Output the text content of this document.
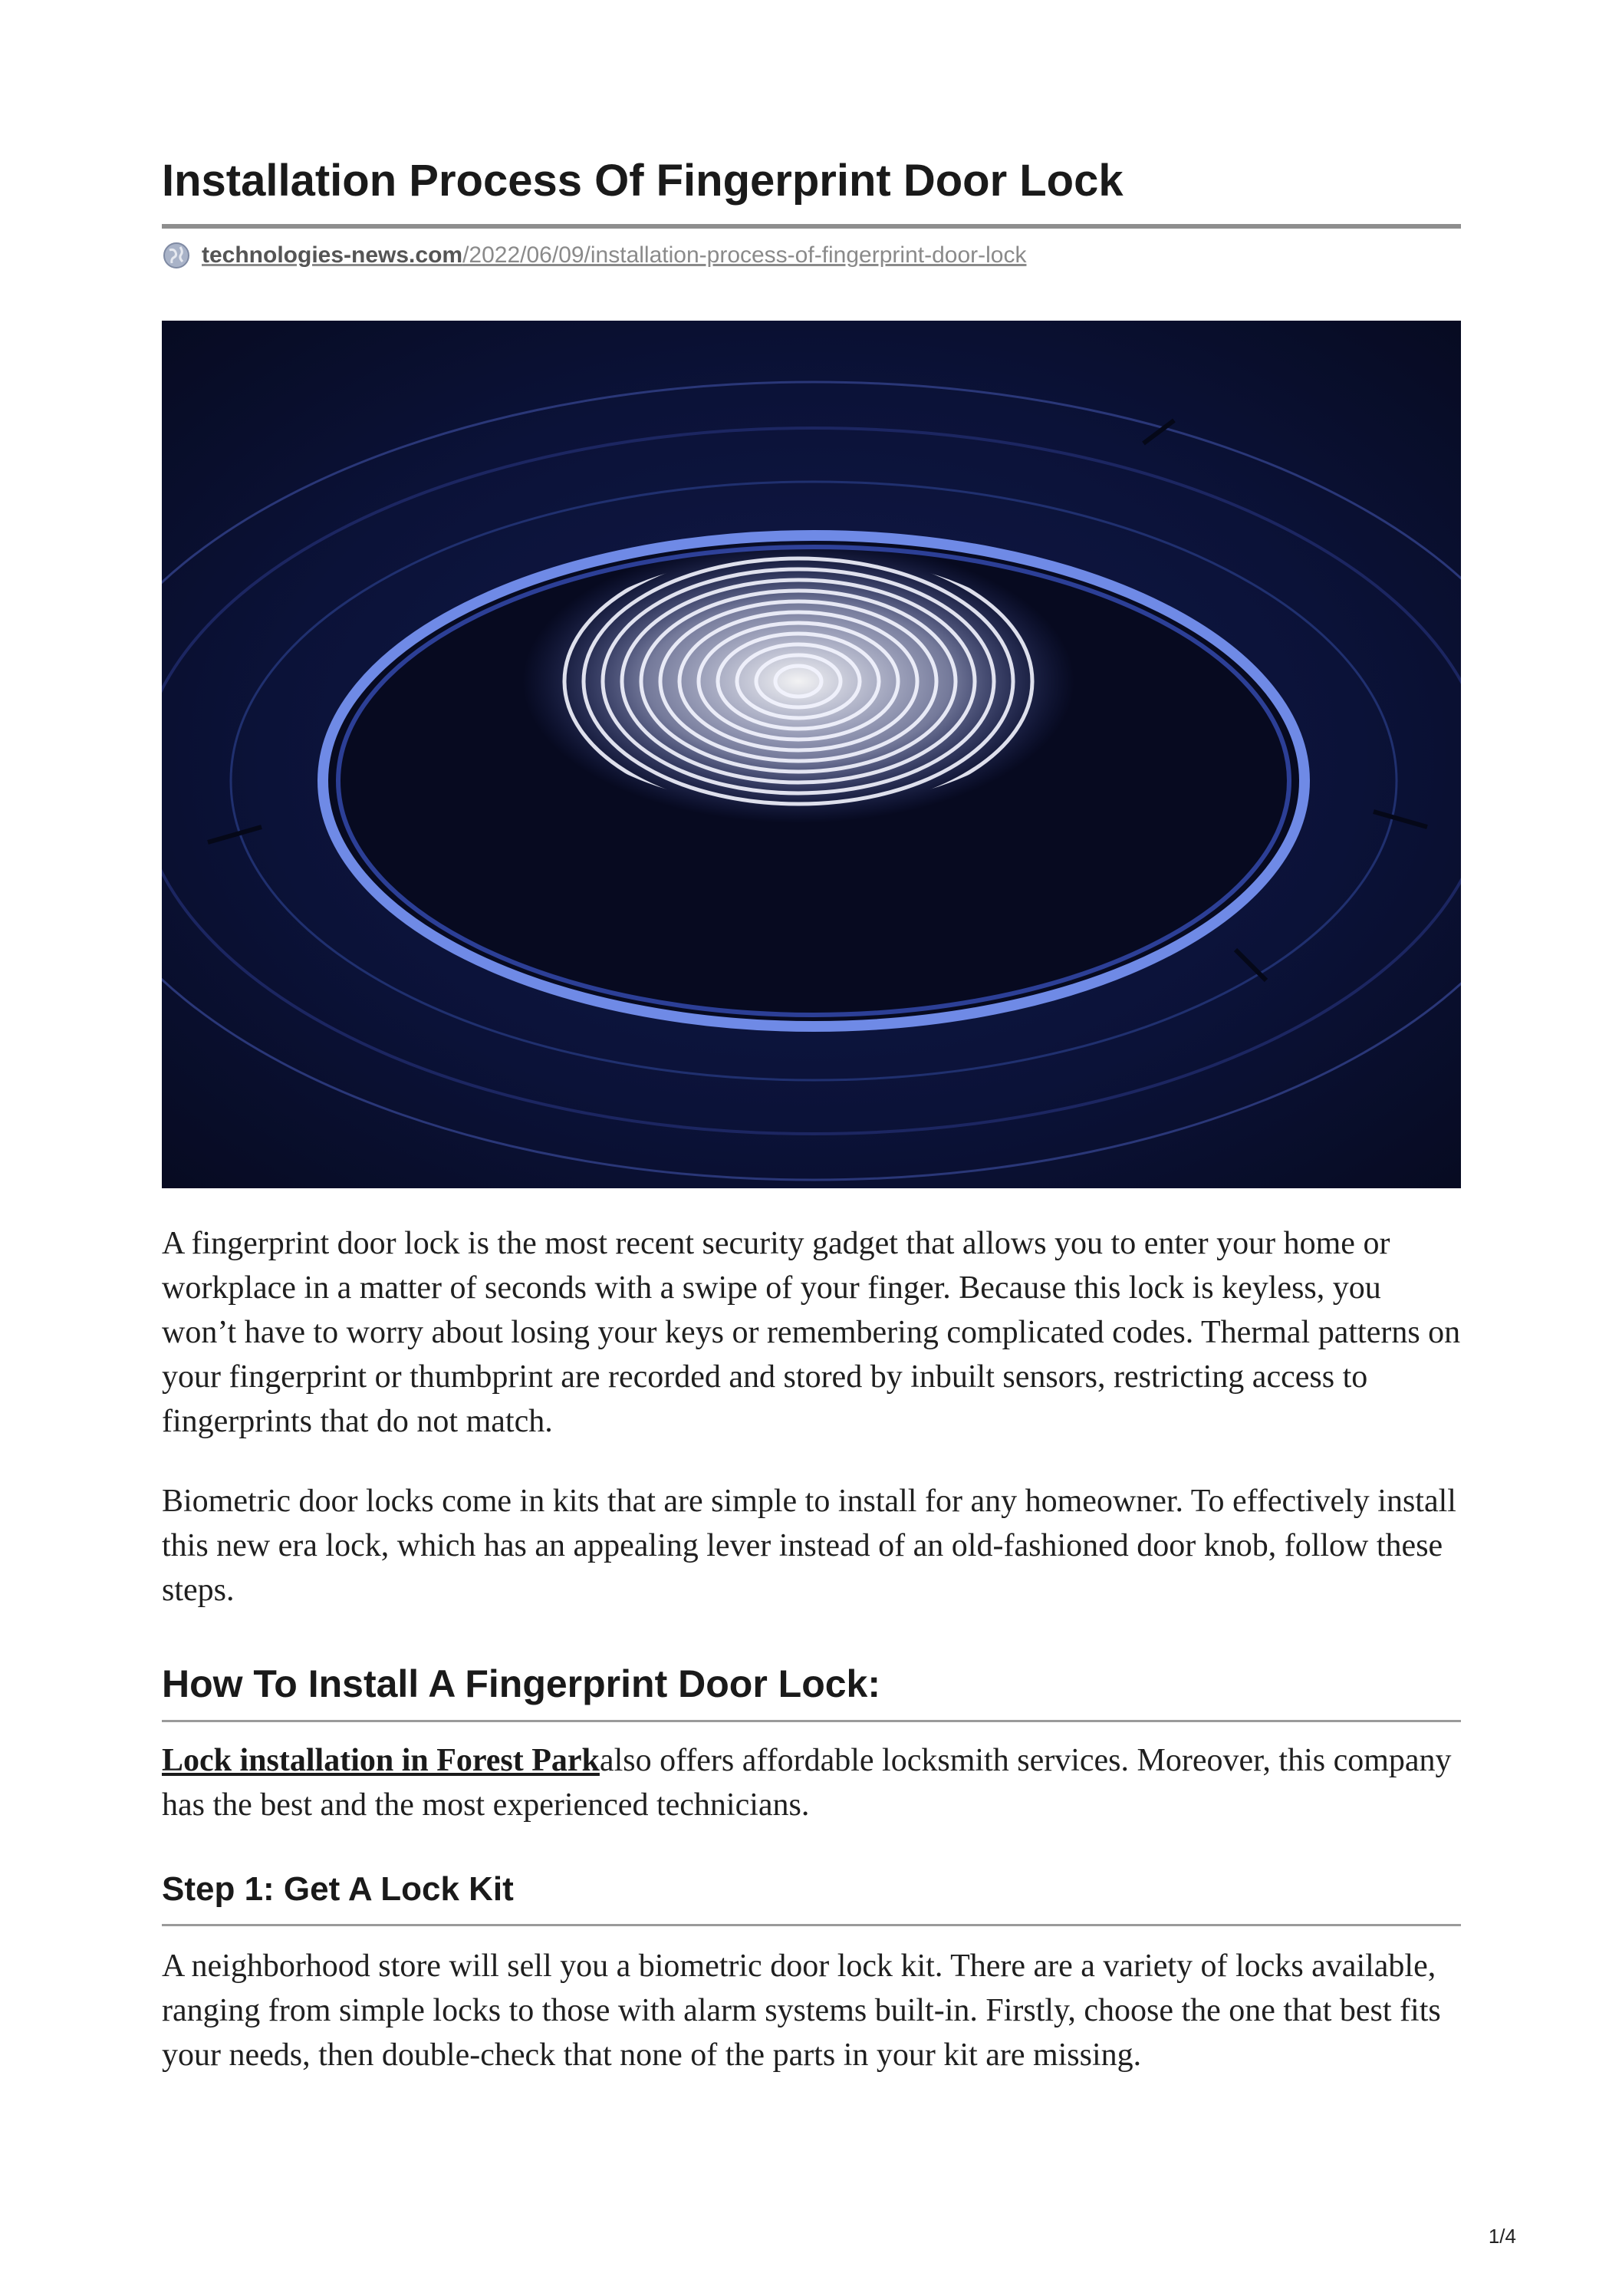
Installation Process Of Fingerprint Door Lock
technologies-news.com/2022/06/09/installation-process-of-fingerprint-door-lock

A fingerprint door lock is the most recent security gadget that allows you to enter your home or workplace in a matter of seconds with a swipe of your finger. Because this lock is keyless, you won’t have to worry about losing your keys or remembering complicated codes. Thermal patterns on your fingerprint or thumbprint are recorded and stored by inbuilt sensors, restricting access to fingerprints that do not match.

Biometric door locks come in kits that are simple to install for any homeowner. To effectively install this new era lock, which has an appealing lever instead of an old-fashioned door knob, follow these steps.

How To Install A Fingerprint Door Lock:

Lock installation in Forest Parkalso offers affordable locksmith services. Moreover, this company has the best and the most experienced technicians.

Step 1: Get A Lock Kit

A neighborhood store will sell you a biometric door lock kit. There are a variety of locks available, ranging from simple locks to those with alarm systems built-in. Firstly, choose the one that best fits your needs, then double-check that none of the parts in your kit are missing.

1/4
